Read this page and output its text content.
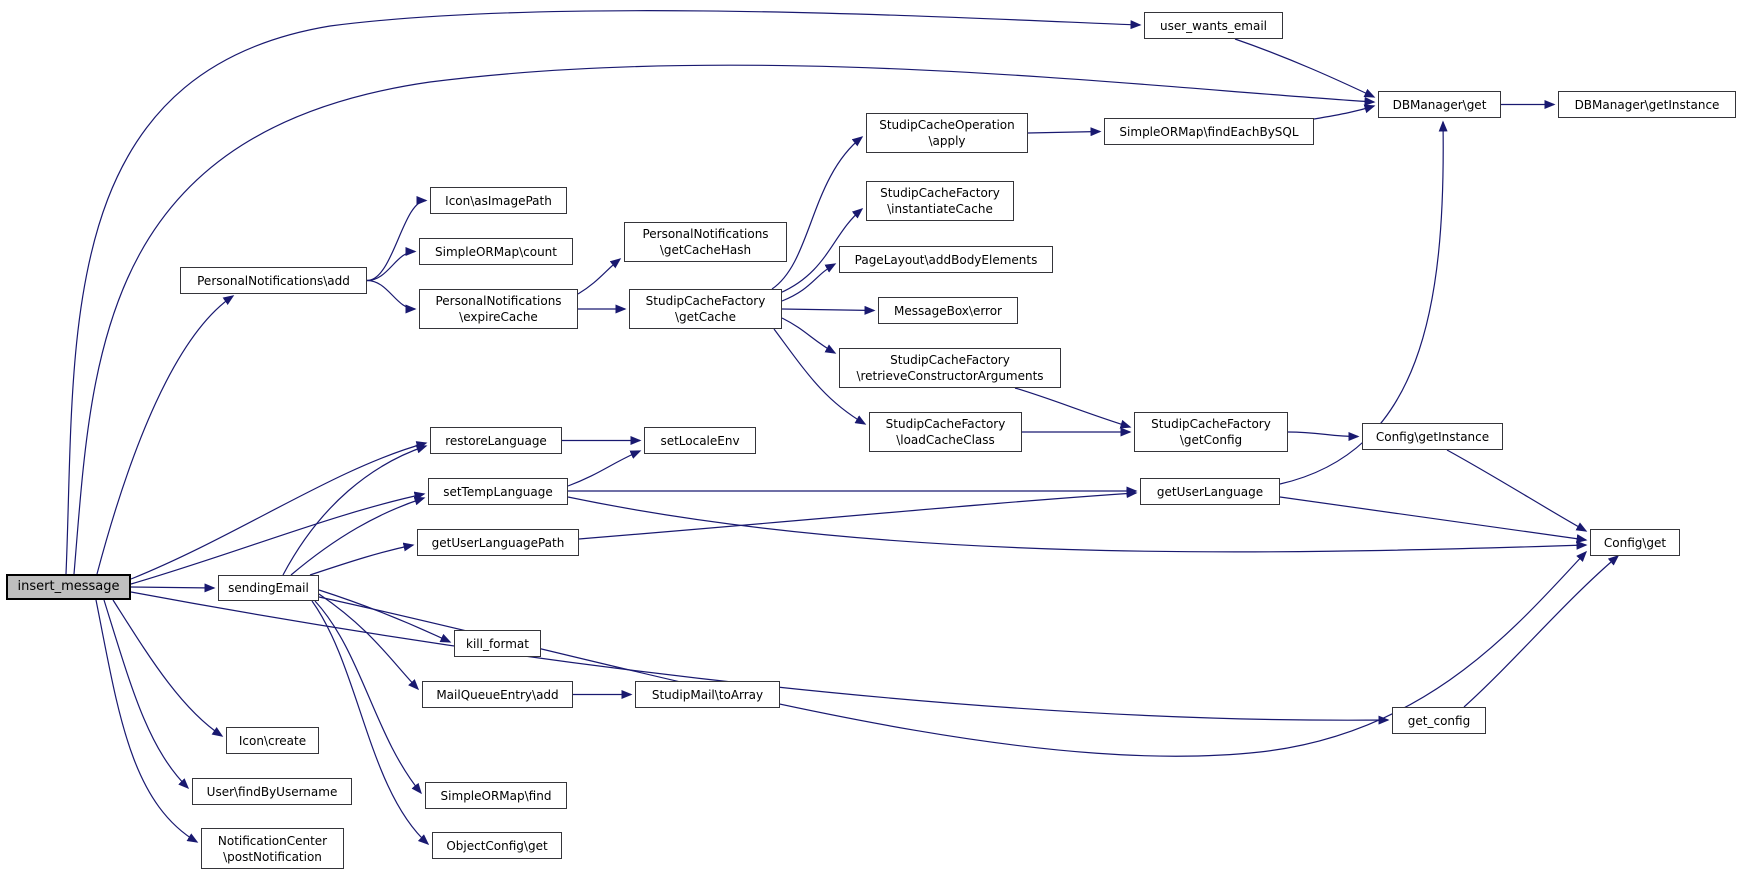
insert_message	sendingEmail
user_wants_email
DBManager\get	DBManager\getInstance
StudipCacheOperation
\apply
SimpleORMap\findEachBySQL
Icon\asImagePath
SimpleORMap\count
PersonalNotifications
\getCacheHash
PersonalNotifications\add
PersonalNotifications
\expireCache
StudipCacheFactory
\getCache
StudipCacheFactory
\instantiateCache
PageLayout\addBodyElements
MessageBox\error
StudipCacheFactory
\retrieveConstructorArguments
StudipCacheFactory
\loadCacheClass
StudipCacheFactory
\getConfig	Config\getInstance
restoreLanguage	setLocaleEnv
setTempLanguage	getUserLanguage
getUserLanguagePath	Config\get
kill_format
MailQueueEntry\add	StudipMail\toArray
Icon\create
User\findByUsername
NotificationCenter
\postNotification
SimpleORMap\find
ObjectConfig\get
get_config
